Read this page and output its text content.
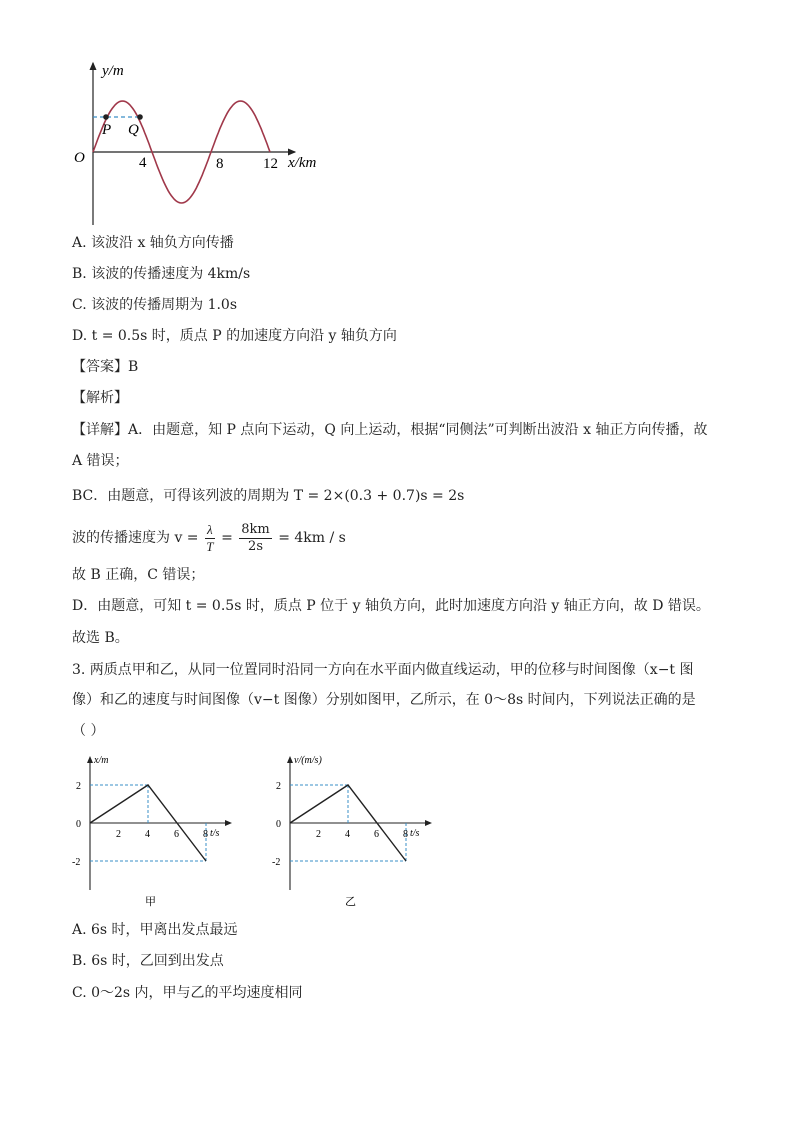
y/m
x/km
O
P Q
4	8	12
A. 该波沿 x 轴负方向传播
B. 该波的传播速度为 4km/s
C. 该波的传播周期为 1.0s
D. t = 0.5s 时，质点 P 的加速度方向沿 y 轴负方向
【答案】B
【解析】
【详解】A．由题意，知 P 点向下运动，Q 向上运动，根据“同侧法”可判断出波沿 x 轴正方向传播，故
A 错误；
BC．由题意，可得该列波的周期为 T = 2×(0.3 + 0.7)s = 2s
波的传播速度为 $v = \frac{\lambda}{T} = \frac{8km}{2s} = 4km / s$
故 B 正确，C 错误；
D．由题意，可知 t = 0.5s 时，质点 P 位于 y 轴负方向，此时加速度方向沿 y 轴正方向，故 D 错误。
故选 B。
3. 两质点甲和乙，从同一位置同时沿同一方向在水平面内做直线运动，甲的位移与时间图像（x−t 图
像）和乙的速度与时间图像（v−t 图像）分别如图甲，乙所示，在 0～8s 时间内，下列说法正确的是
（ ）
2 4 6 8
2
0
-2
t/s
x/m
甲
2 4 6 8
2
0
-2
t/s
v/(m/s)
乙
A. 6s 时，甲离出发点最远
B. 6s 时，乙回到出发点
C. 0～2s 内，甲与乙的平均速度相同
